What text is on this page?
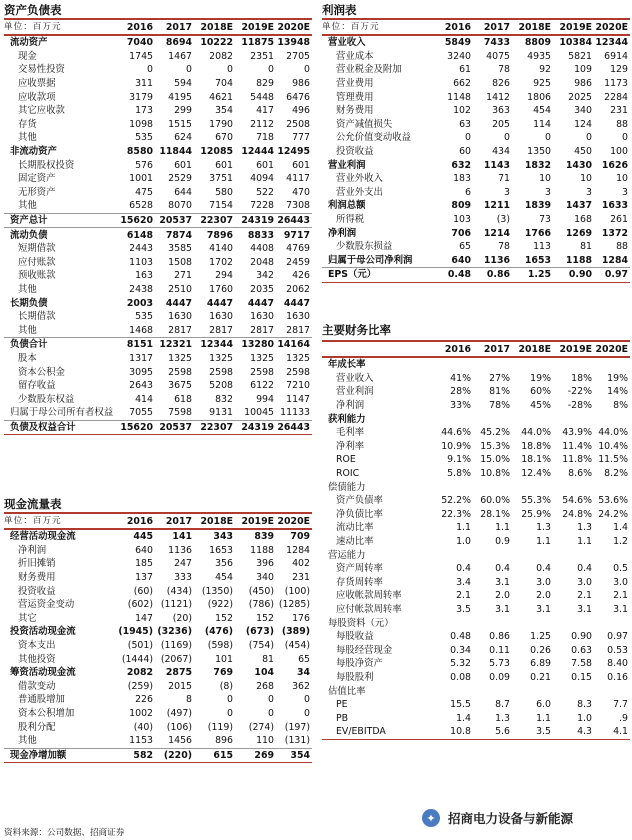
资产负债表
单位：百万元	2016	2017	2018E	2019E	2020E
流动资产	7040	8694	10222	11875	13948
现金	1745	1467	2082	2351	2705
交易性投资	0	0	0	0	0
应收票据	311	594	704	829	986
应收款项	3179	4195	4621	5448	6476
其它应收款	173	299	354	417	496
存货	1098	1515	1790	2112	2508
其他	535	624	670	718	777
非流动资产	8580	11844	12085	12444	12495
长期股权投资	576	601	601	601	601
固定资产	1001	2529	3751	4094	4117
无形资产	475	644	580	522	470
其他	6528	8070	7154	7228	7308
资产总计	15620	20537	22307	24319	26443
流动负债	6148	7874	7896	8833	9717
短期借款	2443	3585	4140	4408	4769
应付账款	1103	1508	1702	2048	2459
预收账款	163	271	294	342	426
其他	2438	2510	1760	2035	2062
长期负债	2003	4447	4447	4447	4447
长期借款	535	1630	1630	1630	1630
其他	1468	2817	2817	2817	2817
负债合计	8151	12321	12344	13280	14164
股本	1317	1325	1325	1325	1325
资本公积金	3095	2598	2598	2598	2598
留存收益	2643	3675	5208	6122	7210
少数股东权益	414	618	832	994	1147
归属于母公司所有者权益	7055	7598	9131	10045	11133
负债及权益合计	15620	20537	22307	24319	26443
现金流量表
单位：百万元	2016	2017	2018E	2019E	2020E
经营活动现金流	445	141	343	839	709
净利润	640	1136	1653	1188	1284
折旧摊销	185	247	356	396	402
财务费用	137	333	454	340	231
投资收益	(60)	(434)	(1350)	(450)	(100)
营运资金变动	(602)	(1121)	(922)	(786)	(1285)
其它	147	(20)	152	152	176
投资活动现金流	(1945)	(3236)	(476)	(673)	(389)
资本支出	(501)	(1169)	(598)	(754)	(454)
其他投资	(1444)	(2067)	101	81	65
筹资活动现金流	2082	2875	769	104	34
借款变动	(259)	2015	(8)	268	362
普通股增加	226	8	0	0	0
资本公积增加	1002	(497)	0	0	0
股利分配	(40)	(106)	(119)	(274)	(197)
其他	1153	1456	896	110	(131)
现金净增加额	582	(220)	615	269	354
利润表
单位：百万元	2016	2017	2018E	2019E	2020E
营业收入	5849	7433	8809	10384	12344
营业成本	3240	4075	4935	5821	6914
营业税金及附加	61	78	92	109	129
营业费用	662	826	925	986	1173
管理费用	1148	1412	1806	2025	2284
财务费用	102	363	454	340	231
资产减值损失	63	205	114	124	88
公允价值变动收益	0	0	0	0	0
投资收益	60	434	1350	450	100
营业利润	632	1143	1832	1430	1626
营业外收入	183	71	10	10	10
营业外支出	6	3	3	3	3
利润总额	809	1211	1839	1437	1633
所得税	103	(3)	73	168	261
净利润	706	1214	1766	1269	1372
少数股东损益	65	78	113	81	88
归属于母公司净利润	640	1136	1653	1188	1284
EPS（元）	0.48	0.86	1.25	0.90	0.97
主要财务比率
	2016	2017	2018E	2019E	2020E
年成长率					
营业收入	41%	27%	19%	18%	19%
营业利润	28%	81%	60%	-22%	14%
净利润	33%	78%	45%	-28%	8%
获利能力					
毛利率	44.6%	45.2%	44.0%	43.9%	44.0%
净利率	10.9%	15.3%	18.8%	11.4%	10.4%
ROE	9.1%	15.0%	18.1%	11.8%	11.5%
ROIC	5.8%	10.8%	12.4%	8.6%	8.2%
偿债能力					
资产负债率	52.2%	60.0%	55.3%	54.6%	53.6%
净负债比率	22.3%	28.1%	25.9%	24.8%	24.2%
流动比率	1.1	1.1	1.3	1.3	1.4
速动比率	1.0	0.9	1.1	1.1	1.2
营运能力					
资产周转率	0.4	0.4	0.4	0.4	0.5
存货周转率	3.4	3.1	3.0	3.0	3.0
应收帐款周转率	2.1	2.0	2.0	2.1	2.1
应付帐款周转率	3.5	3.1	3.1	3.1	3.1
每股资料（元）					
每股收益	0.48	0.86	1.25	0.90	0.97
每股经营现金	0.34	0.11	0.26	0.63	0.53
每股净资产	5.32	5.73	6.89	7.58	8.40
每股股利	0.08	0.09	0.21	0.15	0.16
估值比率					
PE	15.5	8.7	6.0	8.3	7.7
PB	1.4	1.3	1.1	1.0	.9
EV/EBITDA	10.8	5.6	3.5	4.3	4.1
资料来源：公司数据、招商证券
✦ 招商电力设备与新能源
